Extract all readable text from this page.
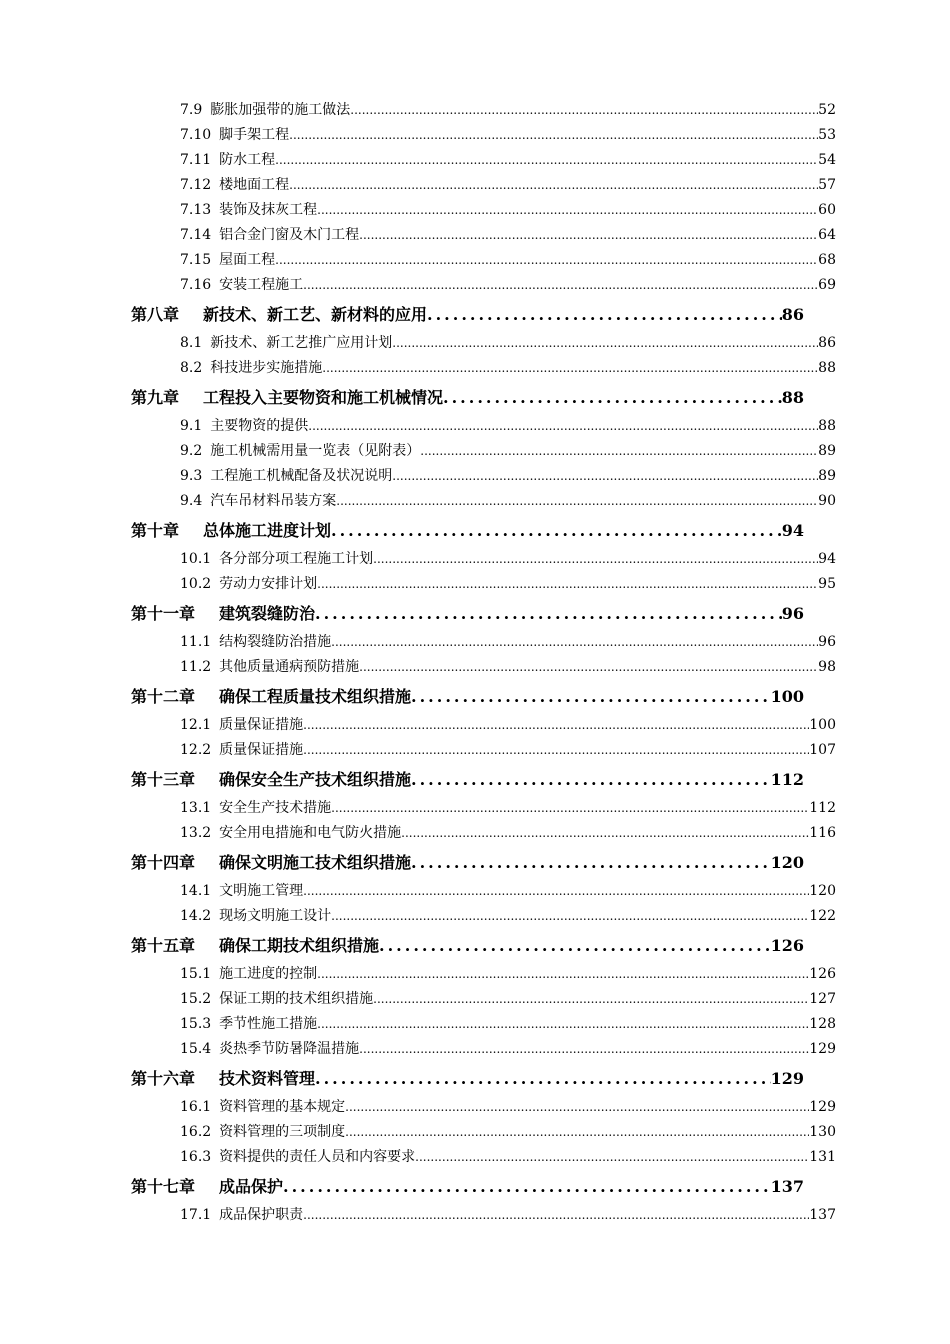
7.9 膨胀加强带的施工做法 .....	52
7.10 脚手架工程 .....	53
7.11 防水工程 .....	54
7.12 楼地面工程 .....	57
7.13 装饰及抹灰工程 .....	60
7.14 铝合金门窗及木门工程 .....	64
7.15 屋面工程 .....	68
7.16 安装工程施工 .....	69
第八章 新技术、新工艺、新材料的应用 .....	86
8.1 新技术、新工艺推广应用计划 .....	86
8.2 科技进步实施措施 .....	88
第九章 工程投入主要物资和施工机械情况 .....	88
9.1 主要物资的提供 .....	88
9.2 施工机械需用量一览表（见附表） .....	89
9.3 工程施工机械配备及状况说明 .....	89
9.4 汽车吊材料吊装方案 .....	90
第十章 总体施工进度计划 .....	94
10.1 各分部分项工程施工计划 .....	94
10.2 劳动力安排计划 .....	95
第十一章 建筑裂缝防治 .....	96
11.1 结构裂缝防治措施 .....	96
11.2 其他质量通病预防措施 .....	98
第十二章 确保工程质量技术组织措施 .....	100
12.1 质量保证措施 .....	100
12.2 质量保证措施 .....	107
第十三章 确保安全生产技术组织措施 .....	112
13.1 安全生产技术措施 .....	112
13.2 安全用电措施和电气防火措施 .....	116
第十四章 确保文明施工技术组织措施 .....	120
14.1 文明施工管理 .....	120
14.2 现场文明施工设计 .....	122
第十五章 确保工期技术组织措施 .....	126
15.1 施工进度的控制 .....	126
15.2 保证工期的技术组织措施 .....	127
15.3 季节性施工措施 .....	128
15.4 炎热季节防暑降温措施 .....	129
第十六章 技术资料管理 .....	129
16.1 资料管理的基本规定 .....	129
16.2 资料管理的三项制度 .....	130
16.3 资料提供的责任人员和内容要求 .....	131
第十七章 成品保护 .....	137
17.1 成品保护职责 .....	137
